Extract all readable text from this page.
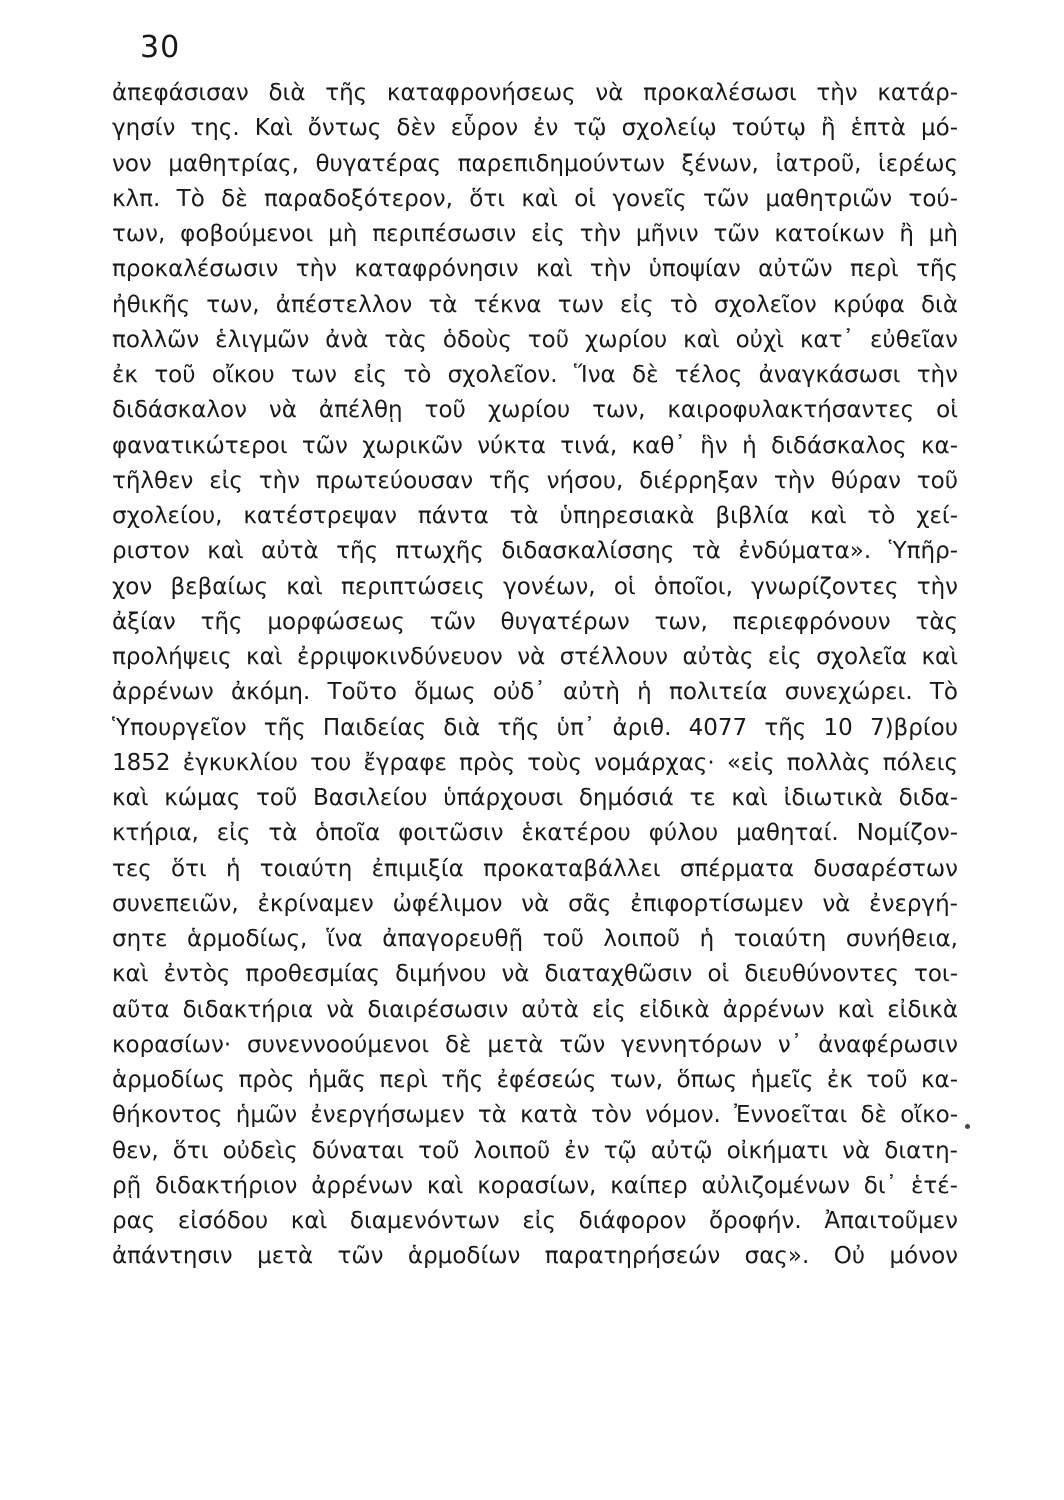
30
ἀπεφάσισαν διὰ τῆς καταφρονήσεως νὰ προκαλέσωσι τὴν κατάρ-
γησίν της. Καὶ ὄντως δὲν εὗρον ἐν τῷ σχολείῳ τούτῳ ἢ ἑπτὰ μό-
νον μαθητρίας, θυγατέρας παρεπιδημούντων ξένων, ἰατροῦ, ἱερέως
κλπ. Τὸ δὲ παραδοξότερον, ὅτι καὶ οἱ γονεῖς τῶν μαθητριῶν τού-
των, φοβούμενοι μὴ περιπέσωσιν εἰς τὴν μῆνιν τῶν κατοίκων ἢ μὴ
προκαλέσωσιν τὴν καταφρόνησιν καὶ τὴν ὑποψίαν αὐτῶν περὶ τῆς
ἠθικῆς των, ἀπέστελλον τὰ τέκνα των εἰς τὸ σχολεῖον κρύφα διὰ
πολλῶν ἑλιγμῶν ἀνὰ τὰς ὁδοὺς τοῦ χωρίου καὶ οὐχὶ κατ᾽ εὐθεῖαν
ἐκ τοῦ οἴκου των εἰς τὸ σχολεῖον. Ἵνα δὲ τέλος ἀναγκάσωσι τὴν
διδάσκαλον νὰ ἀπέλθῃ τοῦ χωρίου των, καιροφυλακτήσαντες οἱ
φανατικώτεροι τῶν χωρικῶν νύκτα τινά, καθ᾽ ἣν ἡ διδάσκαλος κα-
τῆλθεν εἰς τὴν πρωτεύουσαν τῆς νήσου, διέρρηξαν τὴν θύραν τοῦ
σχολείου, κατέστρεψαν πάντα τὰ ὑπηρεσιακὰ βιβλία καὶ τὸ χεί-
ριστον καὶ αὐτὰ τῆς πτωχῆς διδασκαλίσσης τὰ ἐνδύματα». Ὑπῆρ-
χον βεβαίως καὶ περιπτώσεις γονέων, οἱ ὁποῖοι, γνωρίζοντες τὴν
ἀξίαν τῆς μορφώσεως τῶν θυγατέρων των, περιεφρόνουν τὰς
προλήψεις καὶ ἐρριψοκινδύνευον νὰ στέλλουν αὐτὰς εἰς σχολεῖα καὶ
ἀρρένων ἀκόμη. Τοῦτο ὅμως οὐδ᾽ αὐτὴ ἡ πολιτεία συνεχώρει. Τὸ
Ὑπουργεῖον τῆς Παιδείας διὰ τῆς ὑπ᾽ ἀριθ. 4077 τῆς 10 7)βρίου
1852 ἐγκυκλίου του ἔγραφε πρὸς τοὺς νομάρχας· «εἰς πολλὰς πόλεις
καὶ κώμας τοῦ Βασιλείου ὑπάρχουσι δημόσιά τε καὶ ἰδιωτικὰ διδα-
κτήρια, εἰς τὰ ὁποῖα φοιτῶσιν ἑκατέρου φύλου μαθηταί. Νομίζον-
τες ὅτι ἡ τοιαύτη ἐπιμιξία προκαταβάλλει σπέρματα δυσαρέστων
συνεπειῶν, ἐκρίναμεν ὠφέλιμον νὰ σᾶς ἐπιφορτίσωμεν νὰ ἐνεργή-
σητε ἁρμοδίως, ἵνα ἀπαγορευθῇ τοῦ λοιποῦ ἡ τοιαύτη συνήθεια,
καὶ ἐντὸς προθεσμίας διμήνου νὰ διαταχθῶσιν οἱ διευθύνοντες τοι-
αῦτα διδακτήρια νὰ διαιρέσωσιν αὐτὰ εἰς εἰδικὰ ἀρρένων καὶ εἰδικὰ
κορασίων· συνεννοούμενοι δὲ μετὰ τῶν γεννητόρων ν᾽ ἀναφέρωσιν
ἁρμοδίως πρὸς ἡμᾶς περὶ τῆς ἐφέσεώς των, ὅπως ἡμεῖς ἐκ τοῦ κα-
θήκοντος ἡμῶν ἐνεργήσωμεν τὰ κατὰ τὸν νόμον. Ἐννοεῖται δὲ οἴκο-
θεν, ὅτι οὐδεὶς δύναται τοῦ λοιποῦ ἐν τῷ αὐτῷ οἰκήματι νὰ διατη-
ρῇ διδακτήριον ἀρρένων καὶ κορασίων, καίπερ αὐλιζομένων δι᾽ ἑτέ-
ρας εἰσόδου καὶ διαμενόντων εἰς διάφορον ὄροφήν. Ἀπαιτοῦμεν
ἀπάντησιν μετὰ τῶν ἁρμοδίων παρατηρήσεών σας». Οὐ μόνον
